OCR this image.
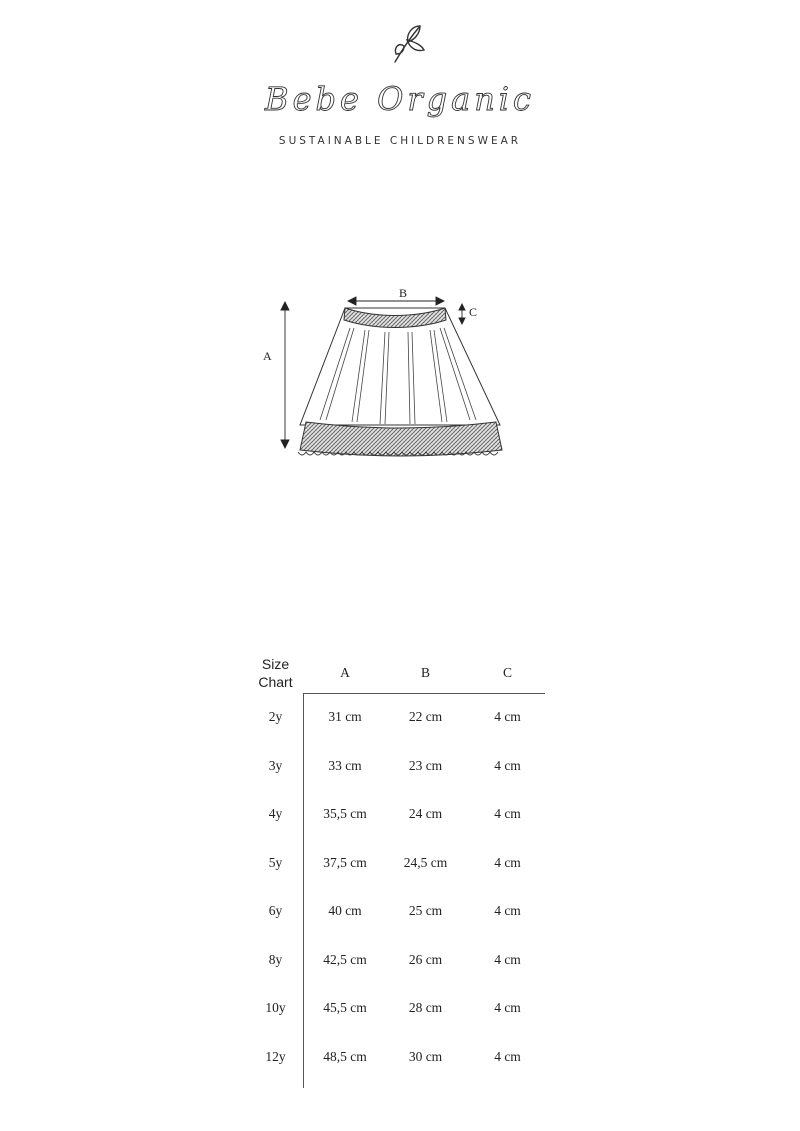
Bebe Organic
SUSTAINABLE CHILDRENSWEAR
A
B
C
Size
Chart	A	B	C
2y	31 cm	22 cm	4 cm
3y	33 cm	23 cm	4 cm
4y	35,5 cm	24 cm	4 cm
5y	37,5 cm	24,5 cm	4 cm
6y	40 cm	25 cm	4 cm
8y	42,5 cm	26 cm	4 cm
10y	45,5 cm	28 cm	4 cm
12y	48,5 cm	30 cm	4 cm
